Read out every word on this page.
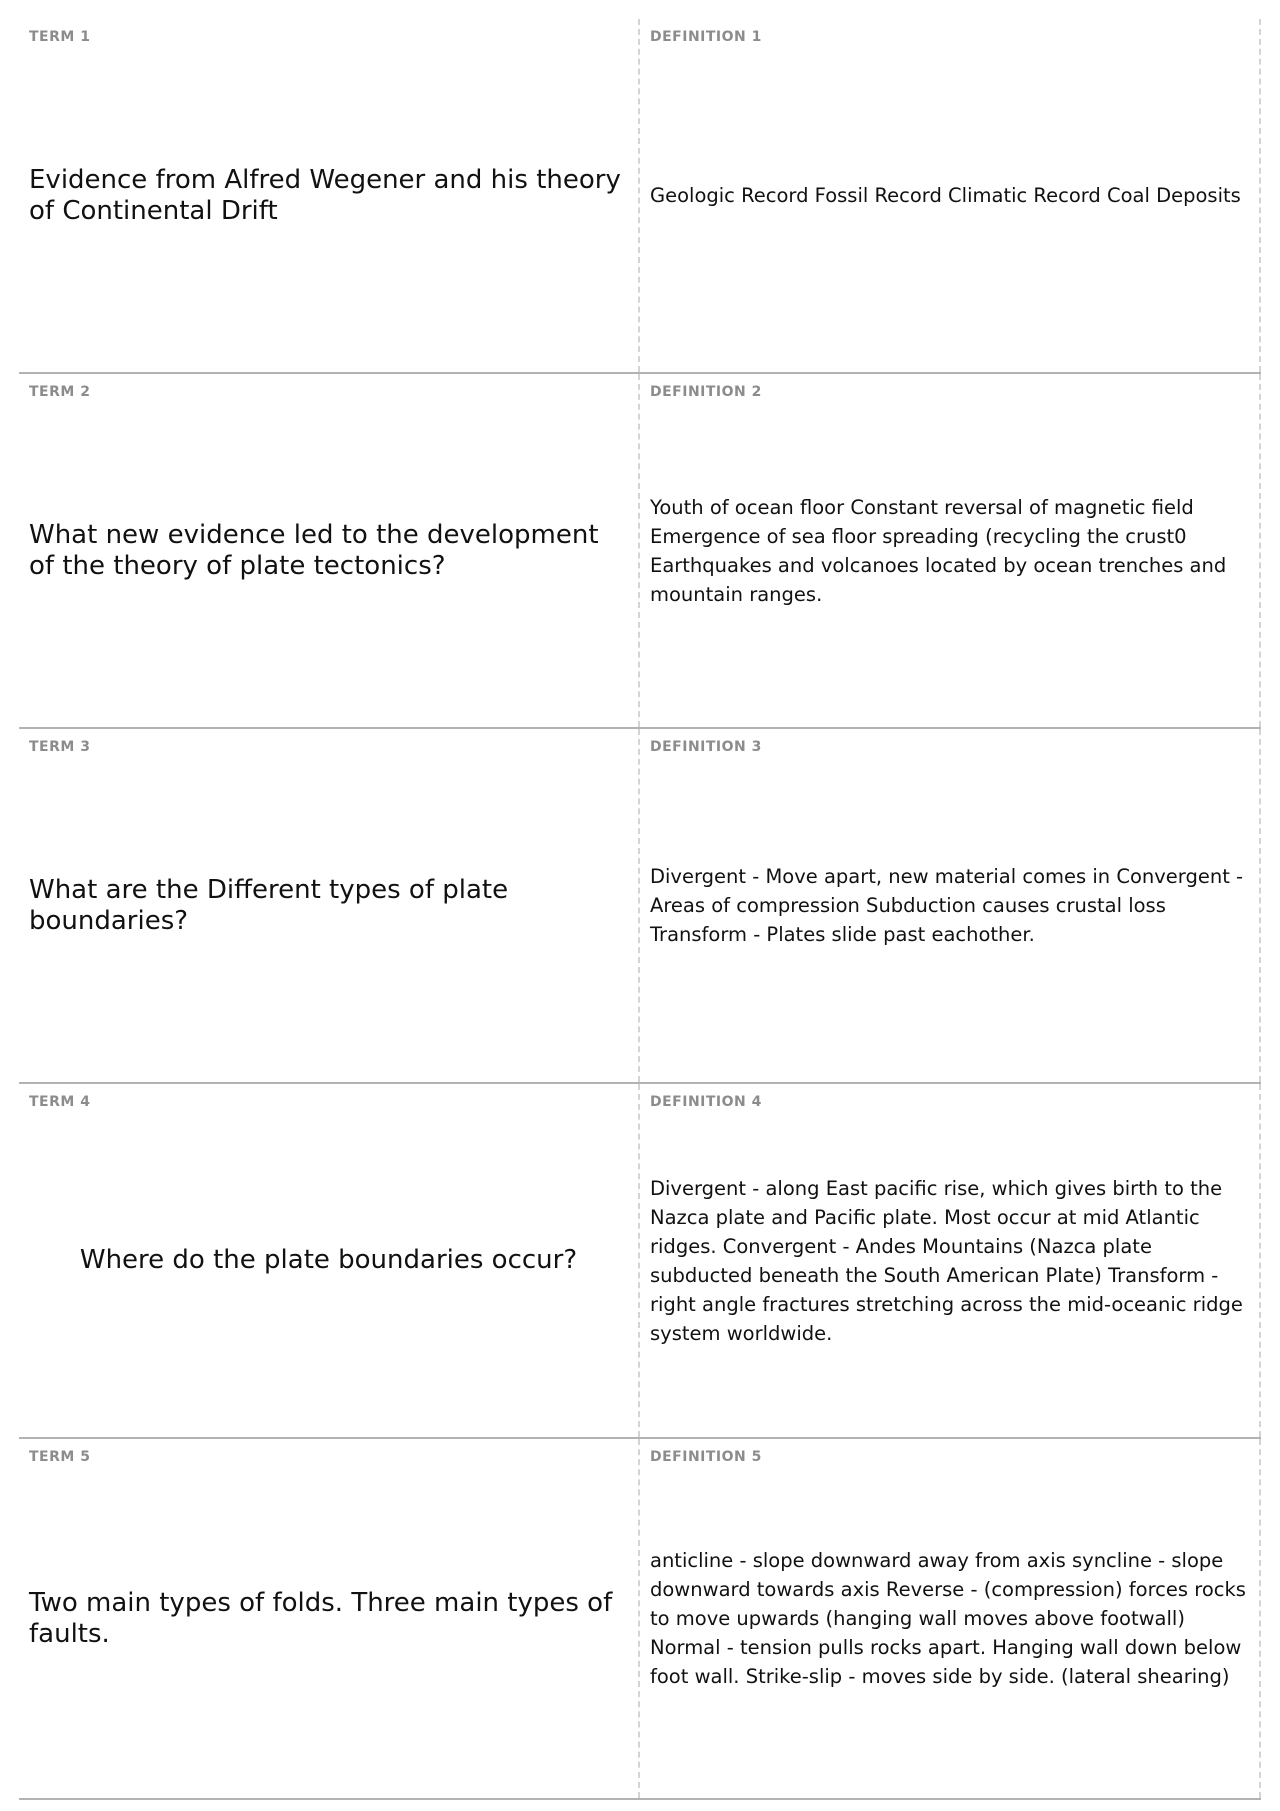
TERM 1
Evidence from Alfred Wegener and his theory of Continental Drift
DEFINITION 1
Geologic Record Fossil Record Climatic Record Coal Deposits
TERM 2
What new evidence led to the development of the theory of plate tectonics?
DEFINITION 2
Youth of ocean floor Constant reversal of magnetic field Emergence of sea floor spreading (recycling the crust0 Earthquakes and volcanoes located by ocean trenches and mountain ranges.
TERM 3
What are the Different types of plate boundaries?
DEFINITION 3
Divergent - Move apart, new material comes in Convergent - Areas of compression Subduction causes crustal loss Transform - Plates slide past eachother.
TERM 4
Where do the plate boundaries occur?
DEFINITION 4
Divergent - along East pacific rise, which gives birth to the Nazca plate and Pacific plate. Most occur at mid Atlantic ridges. Convergent - Andes Mountains (Nazca plate subducted beneath the South American Plate) Transform - right angle fractures stretching across the mid-oceanic ridge system worldwide.
TERM 5
Two main types of folds. Three main types of faults.
DEFINITION 5
anticline - slope downward away from axis syncline - slope downward towards axis Reverse - (compression) forces rocks to move upwards (hanging wall moves above footwall) Normal - tension pulls rocks apart. Hanging wall down below foot wall. Strike-slip - moves side by side. (lateral shearing)
